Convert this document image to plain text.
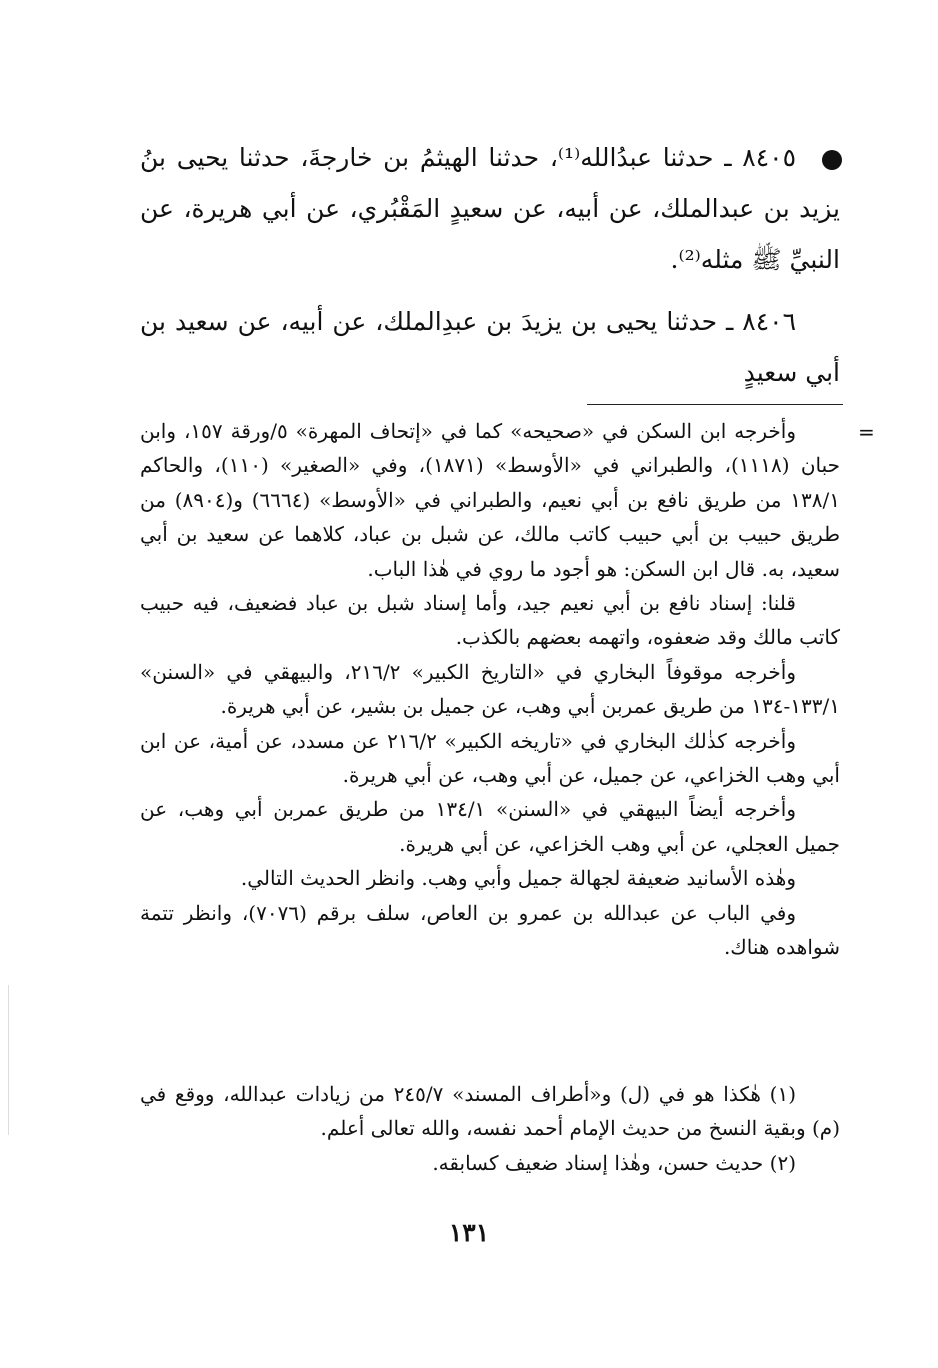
٨٤٠٥ ـ حدثنا عبدُالله⁽¹⁾، حدثنا الهيثمُ بن خارجةَ، حدثنا يحيى بنُ يزيد بن عبدالملك، عن أبيه، عن سعيدٍ المَقْبُري، عن أبي هريرة، عن النبيِّ ﷺ مثله⁽²⁾.

٨٤٠٦ ـ حدثنا يحيى بن يزيدَ بن عبدِالملك، عن أبيه، عن سعيد بن أبي سعيدٍ

=

وأخرجه ابن السكن في «صحيحه» كما في «إتحاف المهرة» ٥/ورقة ١٥٧، وابن حبان (١١١٨)، والطبراني في «الأوسط» (١٨٧١)، وفي «الصغير» (١١٠)، والحاكم ١٣٨/١ من طريق نافع بن أبي نعيم، والطبراني في «الأوسط» (٦٦٦٤) و(٨٩٠٤) من طريق حبيب بن أبي حبيب كاتب مالك، عن شبل بن عباد، كلاهما عن سعيد بن أبي سعيد، به. قال ابن السكن: هو أجود ما روي في هٰذا الباب.

قلنا: إسناد نافع بن أبي نعيم جيد، وأما إسناد شبل بن عباد فضعيف، فيه حبيب كاتب مالك وقد ضعفوه، واتهمه بعضهم بالكذب.

وأخرجه موقوفاً البخاري في «التاريخ الكبير» ٢١٦/٢، والبيهقي في «السنن» ١٣٣/١-١٣٤ من طريق عمربن أبي وهب، عن جميل بن بشير، عن أبي هريرة.

وأخرجه كذٰلك البخاري في «تاريخه الكبير» ٢١٦/٢ عن مسدد، عن أمية، عن ابن أبي وهب الخزاعي، عن جميل، عن أبي وهب، عن أبي هريرة.

وأخرجه أيضاً البيهقي في «السنن» ١٣٤/١ من طريق عمربن أبي وهب، عن جميل العجلي، عن أبي وهب الخزاعي، عن أبي هريرة.

وهٰذه الأسانيد ضعيفة لجهالة جميل وأبي وهب. وانظر الحديث التالي.

وفي الباب عن عبدالله بن عمرو بن العاص، سلف برقم (٧٠٧٦)، وانظر تتمة شواهده هناك.

(١) هٰكذا هو في (ل) و«أطراف المسند» ٢٤٥/٧ من زيادات عبدالله، ووقع في (م) وبقية النسخ من حديث الإمام أحمد نفسه، والله تعالى أعلم.

(٢) حديث حسن، وهٰذا إسناد ضعيف كسابقه.

١٣١
